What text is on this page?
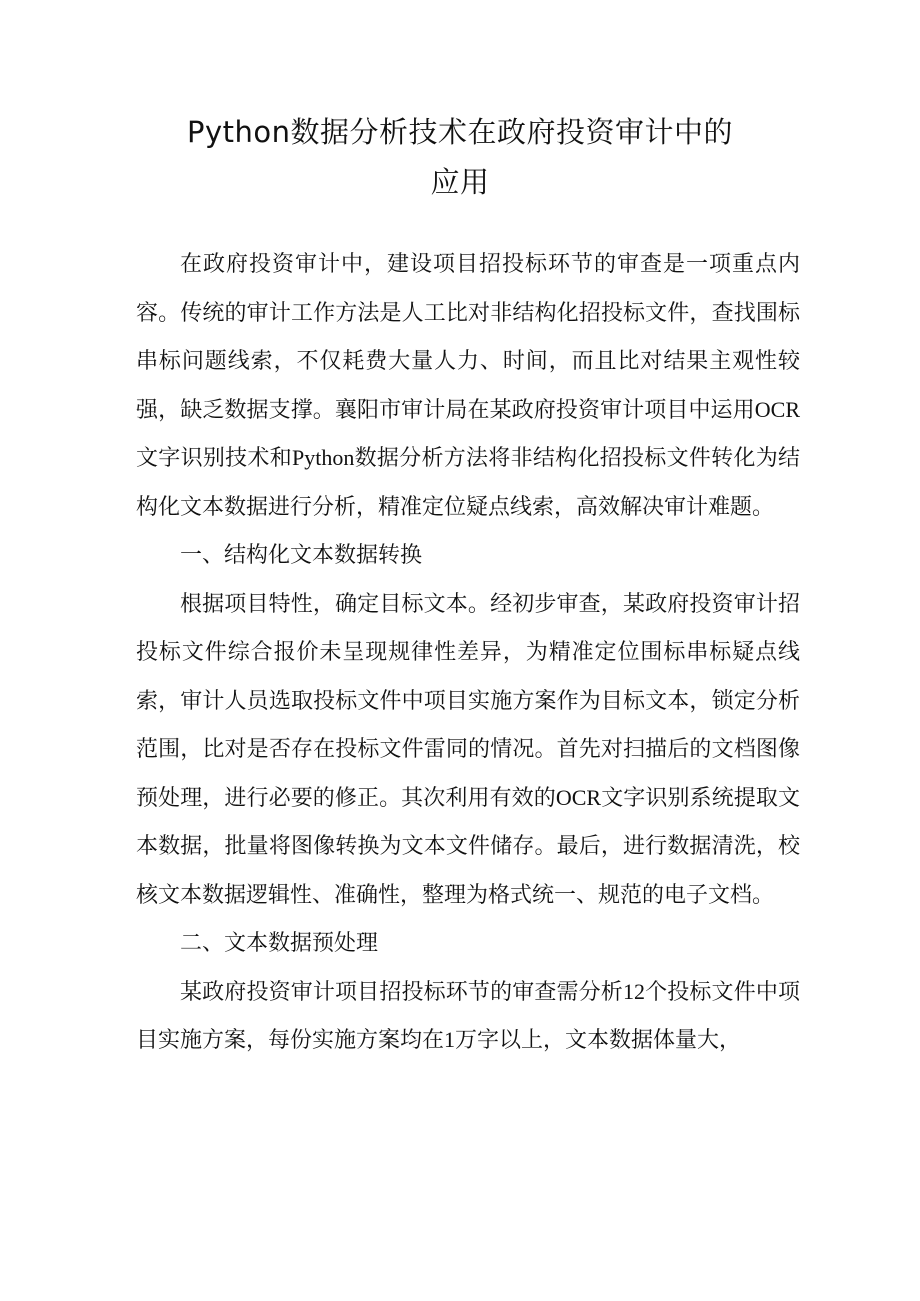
Python数据分析技术在政府投资审计中的
应用

在政府投资审计中，建设项目招投标环节的审查是一项重点内容。传统的审计工作方法是人工比对非结构化招投标文件，查找围标串标问题线索，不仅耗费大量人力、时间，而且比对结果主观性较强，缺乏数据支撑。襄阳市审计局在某政府投资审计项目中运用OCR文字识别技术和Python数据分析方法将非结构化招投标文件转化为结构化文本数据进行分析，精准定位疑点线索，高效解决审计难题。

一、结构化文本数据转换

根据项目特性，确定目标文本。经初步审查，某政府投资审计招投标文件综合报价未呈现规律性差异，为精准定位围标串标疑点线索，审计人员选取投标文件中项目实施方案作为目标文本，锁定分析范围，比对是否存在投标文件雷同的情况。首先对扫描后的文档图像预处理，进行必要的修正。其次利用有效的OCR文字识别系统提取文本数据，批量将图像转换为文本文件储存。最后，进行数据清洗，校核文本数据逻辑性、准确性，整理为格式统一、规范的电子文档。

二、文本数据预处理

某政府投资审计项目招投标环节的审查需分析12个投标文件中项目实施方案，每份实施方案均在1万字以上，文本数据体量大，
